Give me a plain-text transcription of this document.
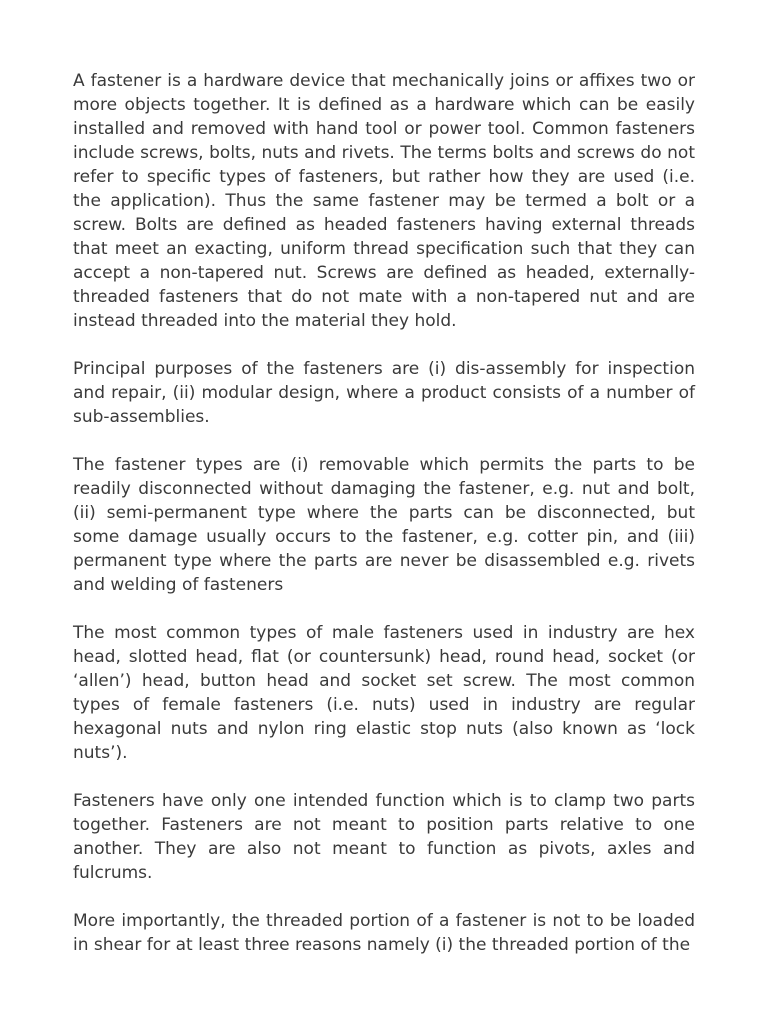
A fastener is a hardware device that mechanically joins or affixes two or more objects together. It is defined as a hardware which can be easily installed and removed with hand tool or power tool. Common fasteners include screws, bolts, nuts and rivets. The terms bolts and screws do not refer to specific types of fasteners, but rather how they are used (i.e. the application). Thus the same fastener may be termed a bolt or a screw. Bolts are defined as headed fasteners having external threads that meet an exacting, uniform thread specification such that they can accept a non-tapered nut. Screws are defined as headed, externally-threaded fasteners that do not mate with a non-tapered nut and are instead threaded into the material they hold.

Principal purposes of the fasteners are (i) dis-assembly for inspection and repair, (ii) modular design, where a product consists of a number of sub-assemblies.

The fastener types are (i) removable which permits the parts to be readily disconnected without damaging the fastener, e.g. nut and bolt, (ii) semi-permanent type where the parts can be disconnected, but some damage usually occurs to the fastener, e.g. cotter pin, and (iii) permanent type where the parts are never be disassembled e.g. rivets and welding of fasteners

The most common types of male fasteners used in industry are hex head, slotted head, flat (or countersunk) head, round head, socket (or ‘allen’) head, button head and socket set screw. The most common types of female fasteners (i.e. nuts) used in industry are regular hexagonal nuts and nylon ring elastic stop nuts (also known as ‘lock nuts’).

Fasteners have only one intended function which is to clamp two parts together. Fasteners are not meant to position parts relative to one another. They are also not meant to function as pivots, axles and fulcrums.

More importantly, the threaded portion of a fastener is not to be loaded in shear for at least three reasons namely (i) the threaded portion of the
